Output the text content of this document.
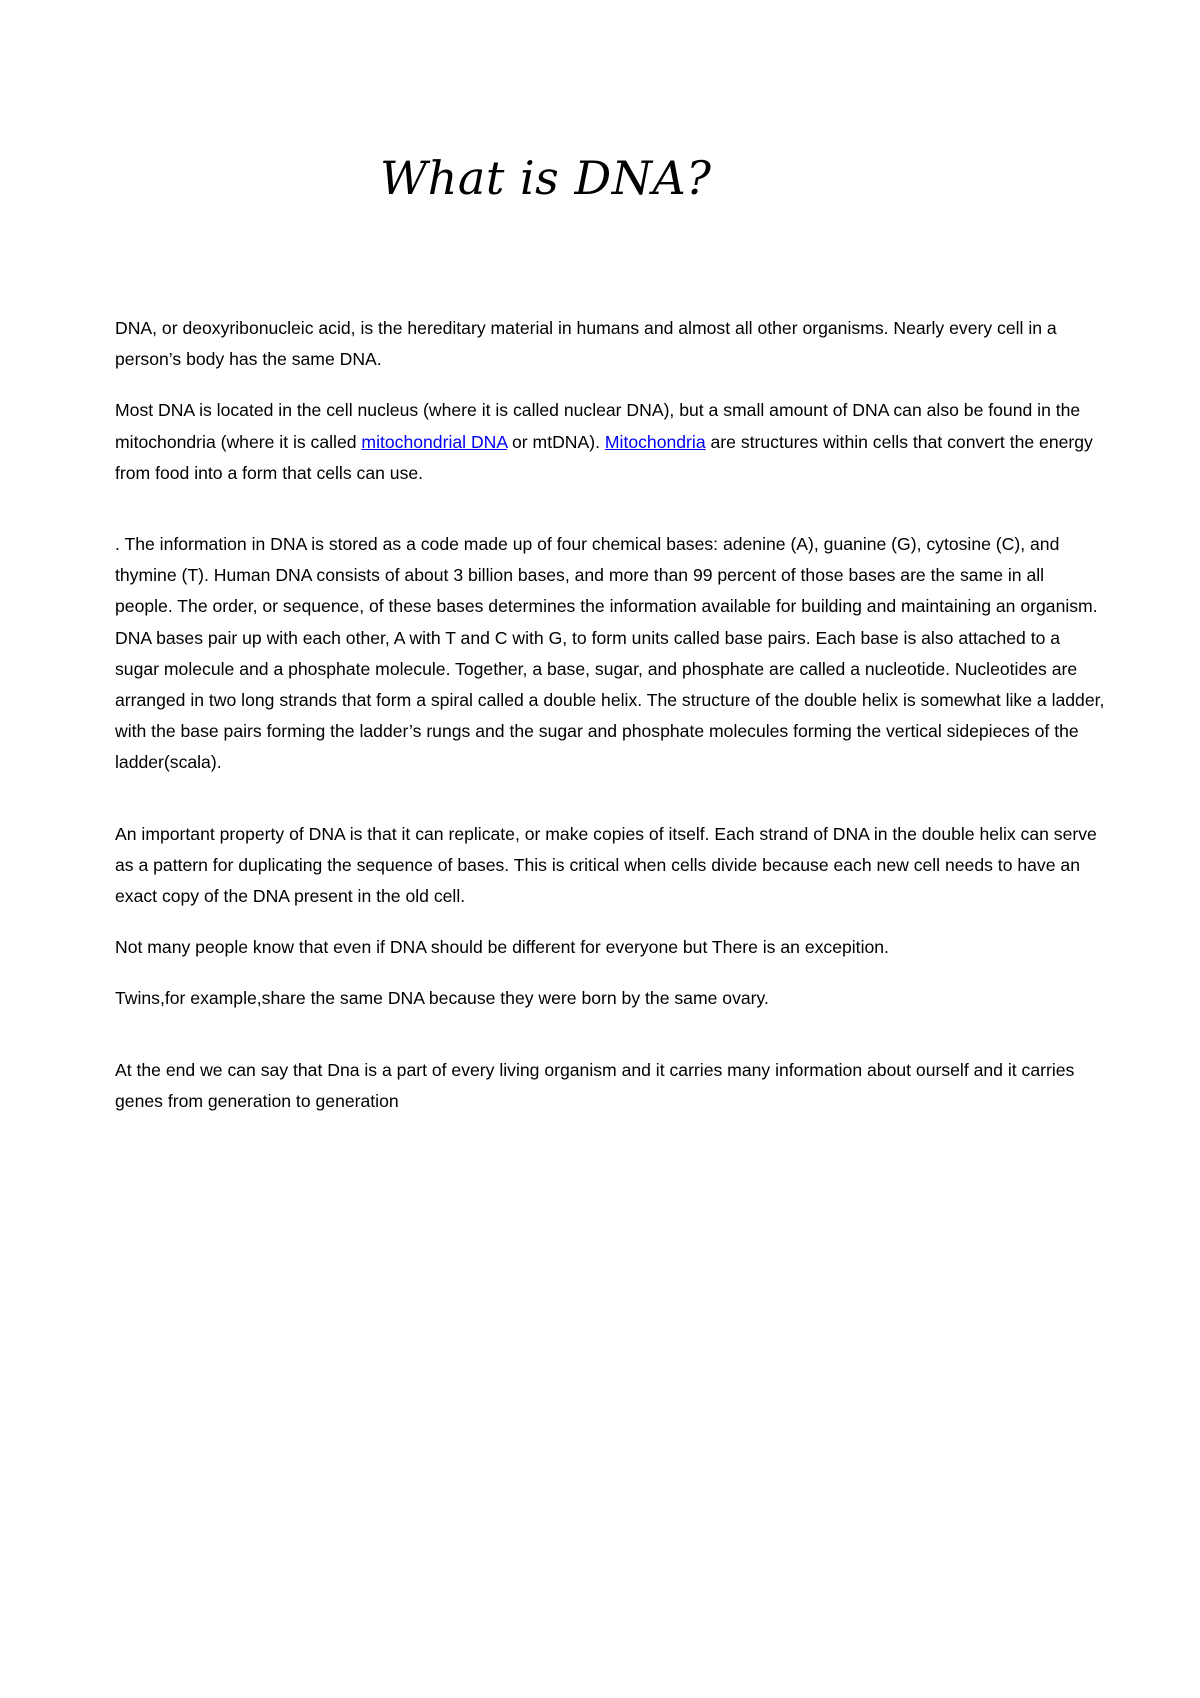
What is DNA?

DNA, or deoxyribonucleic acid, is the hereditary material in humans and almost all other organisms. Nearly every cell in a person’s body has the same DNA.

Most DNA is located in the cell nucleus (where it is called nuclear DNA), but a small amount of DNA can also be found in the mitochondria (where it is called mitochondrial DNA or mtDNA). Mitochondria are structures within cells that convert the energy from food into a form that cells can use.

. The information in DNA is stored as a code made up of four chemical bases: adenine (A), guanine (G), cytosine (C), and thymine (T). Human DNA consists of about 3 billion bases, and more than 99 percent of those bases are the same in all people. The order, or sequence, of these bases determines the information available for building and maintaining an organism. DNA bases pair up with each other, A with T and C with G, to form units called base pairs. Each base is also attached to a sugar molecule and a phosphate molecule. Together, a base, sugar, and phosphate are called a nucleotide. Nucleotides are arranged in two long strands that form a spiral called a double helix. The structure of the double helix is somewhat like a ladder, with the base pairs forming the ladder’s rungs and the sugar and phosphate molecules forming the vertical sidepieces of the ladder(scala).

An important property of DNA is that it can replicate, or make copies of itself. Each strand of DNA in the double helix can serve as a pattern for duplicating the sequence of bases. This is critical when cells divide because each new cell needs to have an exact copy of the DNA present in the old cell.

Not many people know that even if DNA should be different for everyone but There is an excepition.

Twins,for example,share the same DNA because they were born by the same ovary.

At the end we can say that Dna is a part of every living organism and it carries many information about ourself and it carries genes from generation to generation
